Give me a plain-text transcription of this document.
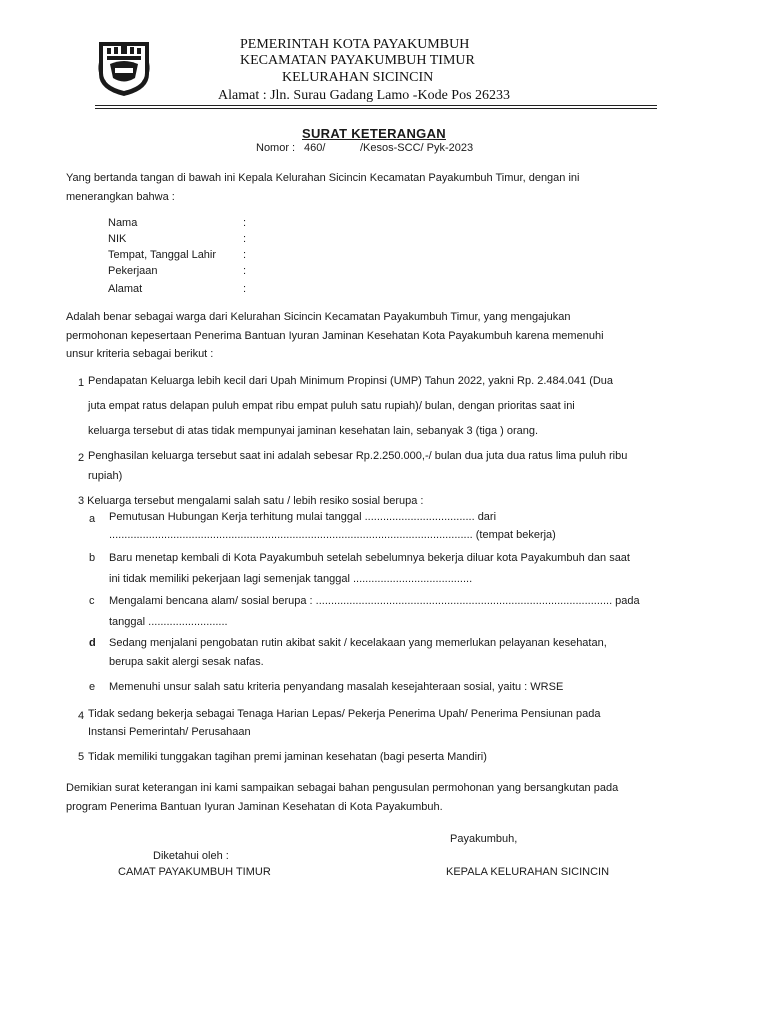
PEMERINTAH KOTA PAYAKUMBUH
KECAMATAN PAYAKUMBUH TIMUR
KELURAHAN SICINCIN
Alamat : Jln. Surau Gadang Lamo -Kode Pos 26233
SURAT KETERANGAN
Nomor : 460/	/Kesos-SCC/ Pyk-2023
Yang bertanda tangan di bawah ini Kepala Kelurahan Sicincin Kecamatan Payakumbuh Timur, dengan ini
menerangkan bahwa :
Nama	:
NIK	:
Tempat, Tanggal Lahir :
Pekerjaan	:
Alamat	:
Adalah benar sebagai warga dari Kelurahan Sicincin Kecamatan Payakumbuh Timur, yang mengajukan
permohonan kepesertaan Penerima Bantuan Iyuran Jaminan Kesehatan Kota Payakumbuh karena memenuhi
unsur kriteria sebagai berikut :
1 Pendapatan Keluarga lebih kecil dari Upah Minimum Propinsi (UMP) Tahun 2022, yakni Rp. 2.484.041 (Dua
juta empat ratus delapan puluh empat ribu empat puluh satu rupiah)/ bulan, dengan prioritas saat ini
keluarga tersebut di atas tidak mempunyai jaminan kesehatan lain, sebanyak 3 (tiga ) orang.
2 Penghasilan keluarga tersebut saat ini adalah sebesar Rp.2.250.000,-/ bulan dua juta dua ratus lima puluh ribu
rupiah)
3 Keluarga tersebut mengalami salah satu / lebih resiko sosial berupa :
a Pemutusan Hubungan Kerja terhitung mulai tanggal .................................... dari
....................................................................................................................... (tempat bekerja)
b Baru menetap kembali di Kota Payakumbuh setelah sebelumnya bekerja diluar kota Payakumbuh dan saat
ini tidak memiliki pekerjaan lagi semenjak tanggal .......................................
c Mengalami bencana alam/ sosial berupa : ................................................................................................. pada
tanggal ..........................
d Sedang menjalani pengobatan rutin akibat sakit / kecelakaan yang memerlukan pelayanan kesehatan,
berupa sakit alergi sesak nafas.
e Memenuhi unsur salah satu kriteria penyandang masalah kesejahteraan sosial, yaitu : WRSE
4 Tidak sedang bekerja sebagai Tenaga Harian Lepas/ Pekerja Penerima Upah/ Penerima Pensiunan pada
Instansi Pemerintah/ Perusahaan
5 Tidak memiliki tunggakan tagihan premi jaminan kesehatan (bagi peserta Mandiri)
Demikian surat keterangan ini kami sampaikan sebagai bahan pengusulan permohonan yang bersangkutan pada
program Penerima Bantuan Iyuran Jaminan Kesehatan di Kota Payakumbuh.
Payakumbuh,
Diketahui oleh :
CAMAT PAYAKUMBUH TIMUR	KEPALA KELURAHAN SICINCIN
